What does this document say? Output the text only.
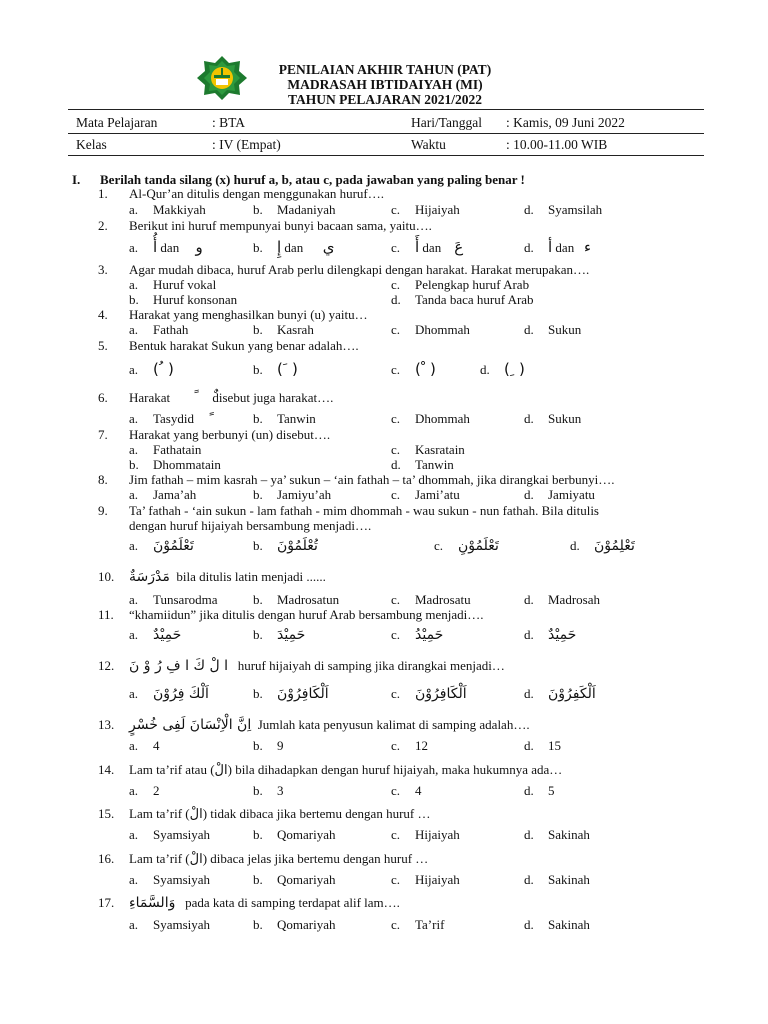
PENILAIAN AKHIR TAHUN (PAT)
MADRASAH IBTIDAIYAH (MI)
TAHUN PELAJARAN 2021/2022
Mata Pelajaran	: BTA	Hari/Tanggal : Kamis, 09 Juni 2022
Kelas	: IV (Empat)	Waktu	: 10.00-11.00 WIB
I. Berilah tanda silang (x) huruf a, b, atau c, pada jawaban yang paling benar !
1. Al-Qur’an ditulis dengan menggunakan huruf….
a. Makkiyah	b. Madaniyah	c. Hijaiyah	d. Syamsilah
2. Berikut ini huruf mempunyai bunyi bacaan sama, yaitu….
a. أُ dan و	b. إِ dan ي	c. أَ dan عَ	d. أ dan ء
3. Agar mudah dibaca, huruf Arab perlu dilengkapi dengan harakat. Harakat merupakan….
a. Huruf vokal	c. Pelengkap huruf Arab
b. Huruf konsonan	d. Tanda baca huruf Arab
4. Harakat yang menghasilkan bunyi (u) yaitu…
a. Fathah	b. Kasrah	c. Dhommah	d. Sukun
5. Bentuk harakat Sukun yang benar adalah….
a. ( ُ )	b. ( َ )	c. ( ْ )	d. ( ِ )
6. Harakat	disebut juga harakat….
a. Tasydid	b. Tanwin	c. Dhommah	d. Sukun
7. Harakat yang berbunyi (un) disebut….
a. Fathatain	c. Kasratain
b. Dhommatain	d. Tanwin
8. Jim fathah – mim kasrah – ya’ sukun – ‘ain fathah – ta’ dhommah, jika dirangkai berbunyi….
a. Jama’ah	b. Jamiyu’ah	c. Jami’atu	d. Jamiyatu
9. Ta’ fathah - ‘ain sukun - lam fathah - mim dhommah - wau sukun - nun fathah. Bila ditulis
dengan huruf hijaiyah bersambung menjadi….
a. تَعْلَمُوْنَ	b. تُعْلَمُوْنَ	c. تَعْلَمُوْنِ	d. تَعْلِمُوْنَ
10. مَدْرَسَةٌ bila ditulis latin menjadi ......
a. Tunsarodma	b. Madrosatun	c. Madrosatu	d. Madrosah
11. “khamiidun” jika ditulis dengan huruf Arab bersambung menjadi….
a. حَمِيْدٌ	b. حَمِيْدَ	c. حَمِيْدُ	d. حَمِيْدٌ
12. ا لْ كَ ا فِ رُ وْ نَ huruf hijaiyah di samping jika dirangkai menjadi…
a. اَلْكَ فِرُوْنَ	b. اَلْكَافِرُوْنَ	c. اَلْكَافِرُوْنَ	d. اَلْكَفِرُوْنَ
13. اِنَّ الْاِنْسَانَ لَفِى خُسْرٍ Jumlah kata penyusun kalimat di samping adalah….
a. 4	b. 9	c. 12	d. 15
14. Lam ta’rif atau (الْ) bila dihadapkan dengan huruf hijaiyah, maka hukumnya ada…
a. 2	b. 3	c. 4	d. 5
15. Lam ta’rif (الْ) tidak dibaca jika bertemu dengan huruf …
a. Syamsiyah	b. Qomariyah	c. Hijaiyah	d. Sakinah
16. Lam ta’rif (الْ) dibaca jelas jika bertemu dengan huruf …
a. Syamsiyah	b. Qomariyah	c. Hijaiyah	d. Sakinah
17. وَالسَّمَاءِ pada kata di samping terdapat alif lam….
a. Syamsiyah	b. Qomariyah	c. Ta’rif	d. Sakinah
